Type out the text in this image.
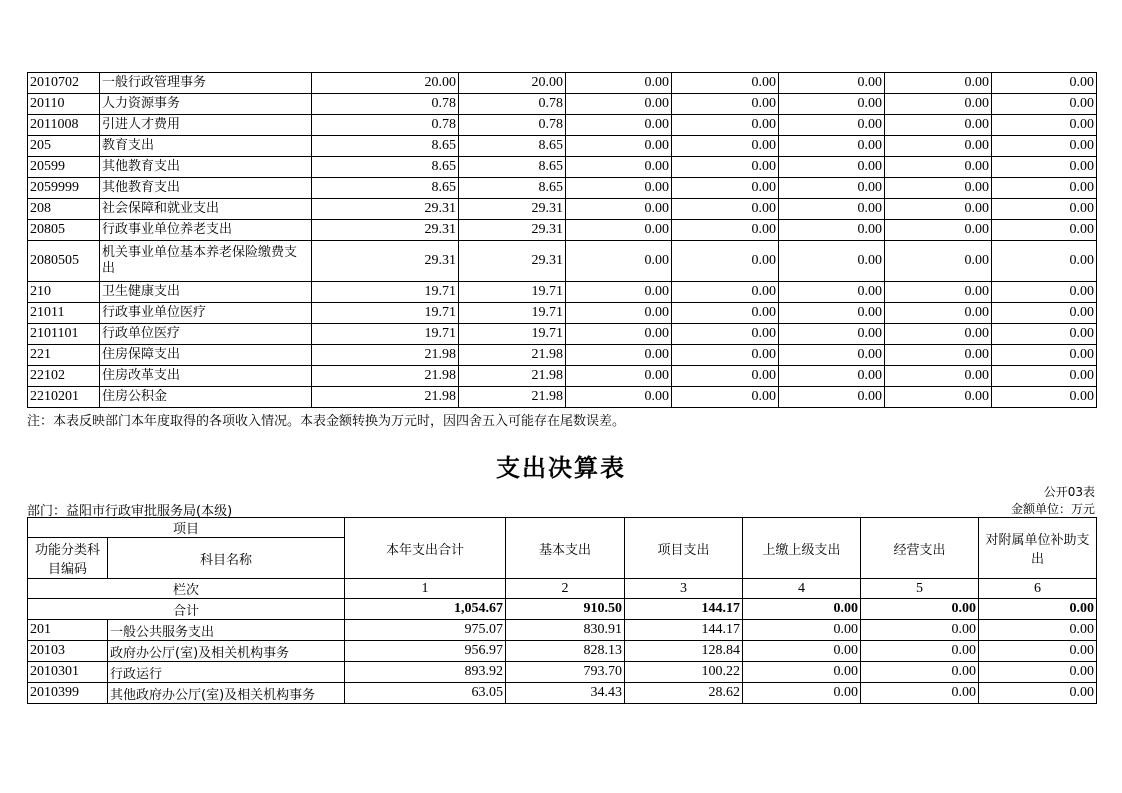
2010702	一般行政管理事务	20.00	20.00	0.00	0.00	0.00	0.00	0.00
20110	人力资源事务	0.78	0.78	0.00	0.00	0.00	0.00	0.00
2011008	引进人才费用	0.78	0.78	0.00	0.00	0.00	0.00	0.00
205	教育支出	8.65	8.65	0.00	0.00	0.00	0.00	0.00
20599	其他教育支出	8.65	8.65	0.00	0.00	0.00	0.00	0.00
2059999	其他教育支出	8.65	8.65	0.00	0.00	0.00	0.00	0.00
208	社会保障和就业支出	29.31	29.31	0.00	0.00	0.00	0.00	0.00
20805	行政事业单位养老支出	29.31	29.31	0.00	0.00	0.00	0.00	0.00
2080505	机关事业单位基本养老保险缴费支出	29.31	29.31	0.00	0.00	0.00	0.00	0.00
210	卫生健康支出	19.71	19.71	0.00	0.00	0.00	0.00	0.00
21011	行政事业单位医疗	19.71	19.71	0.00	0.00	0.00	0.00	0.00
2101101	行政单位医疗	19.71	19.71	0.00	0.00	0.00	0.00	0.00
221	住房保障支出	21.98	21.98	0.00	0.00	0.00	0.00	0.00
22102	住房改革支出	21.98	21.98	0.00	0.00	0.00	0.00	0.00
2210201	住房公积金	21.98	21.98	0.00	0.00	0.00	0.00	0.00
注：本表反映部门本年度取得的各项收入情况。本表金额转换为万元时，因四舍五入可能存在尾数误差。
支出决算表
公开03表
部门：益阳市行政审批服务局(本级)	金额单位：万元
项目		本年支出合计	基本支出	项目支出	上缴上级支出	经营支出	对附属单位补助支出
功能分类科目编码	科目名称						
栏次		1	2	3	4	5	6
合计		1,054.67	910.50	144.17	0.00	0.00	0.00
201	一般公共服务支出	975.07	830.91	144.17	0.00	0.00	0.00
20103	政府办公厅(室)及相关机构事务	956.97	828.13	128.84	0.00	0.00	0.00
2010301	行政运行	893.92	793.70	100.22	0.00	0.00	0.00
2010399	其他政府办公厅(室)及相关机构事务	63.05	34.43	28.62	0.00	0.00	0.00
